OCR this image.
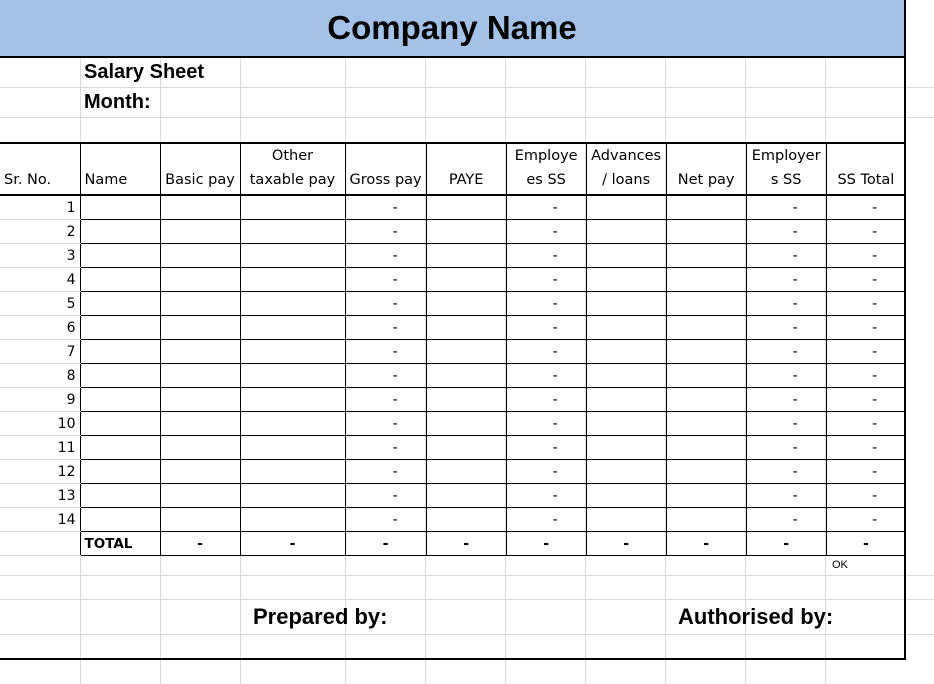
Company Name
Salary Sheet
Month:
Sr. No.	Name	Basic pay	Other taxable pay	Gross pay	PAYE	Employees SS	Advances / loans	Net pay	Employers SS	SS Total
1				-		-			-	-
2				-		-			-	-
3				-		-			-	-
4				-		-			-	-
5				-		-			-	-
6				-		-			-	-
7				-		-			-	-
8				-		-			-	-
9				-		-			-	-
10				-		-			-	-
11				-		-			-	-
12				-		-			-	-
13				-		-			-	-
14				-		-			-	-
	TOTAL	-	-	-	-	-	-	-	-	-
OK
Prepared by:	Authorised by:
